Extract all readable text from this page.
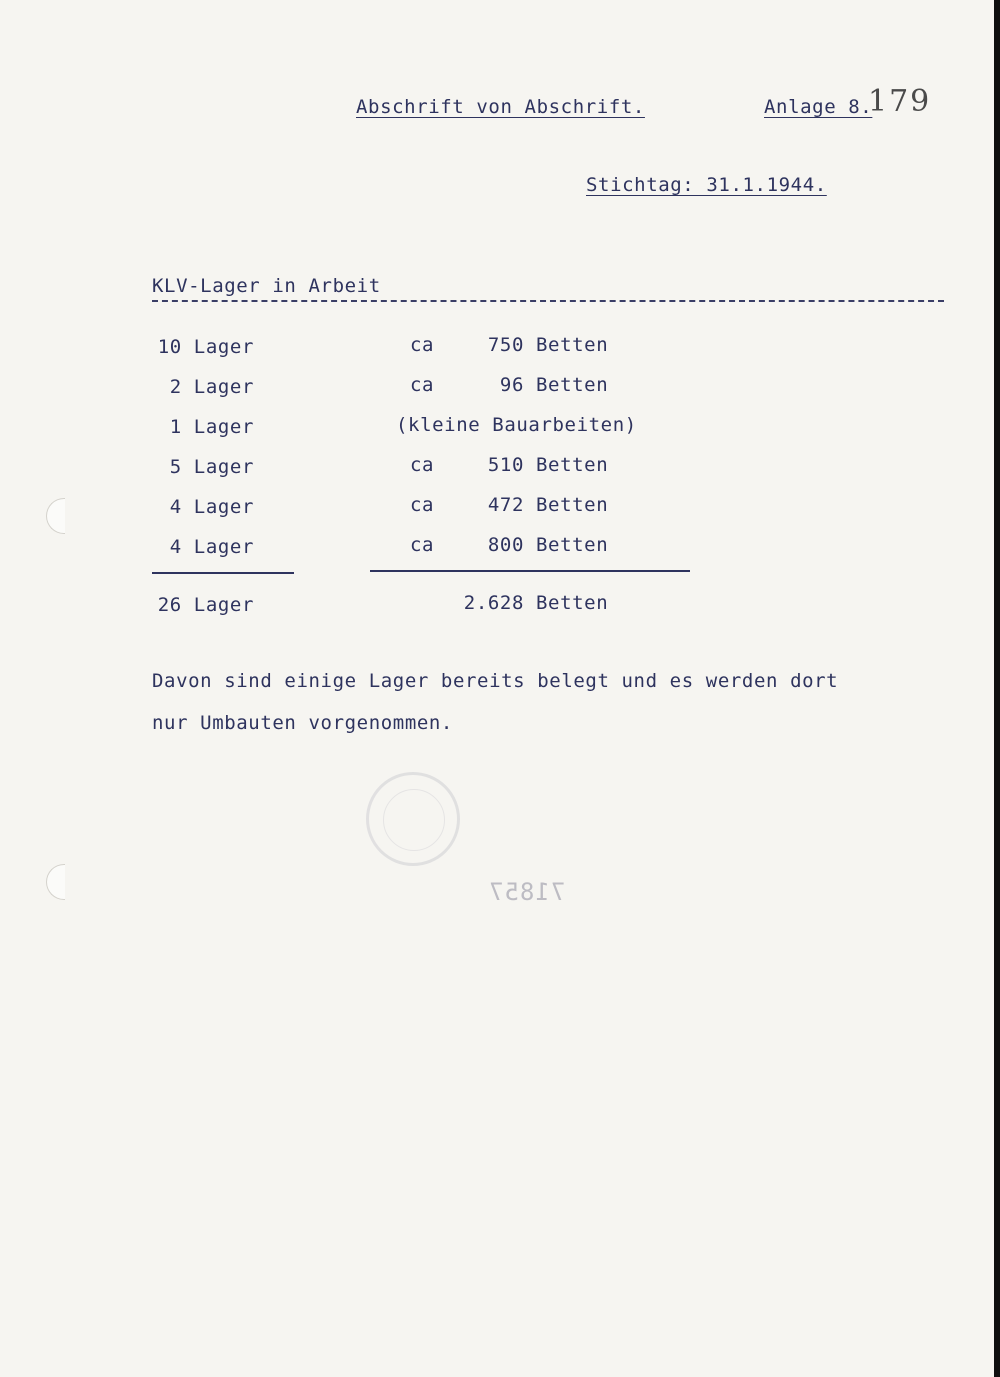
Abschrift von Abschrift.	Anlage 8.
179
Stichtag: 31.1.1944.
KLV-Lager in Arbeit
10 Lager	ca	750 Betten
2 Lager	ca	96 Betten
1 Lager	(kleine Bauarbeiten)
5 Lager	ca	510 Betten
4 Lager	ca	472 Betten
4 Lager	ca	800 Betten
26 Lager	2.628 Betten
Davon sind einige Lager bereits belegt und es werden dort
nur Umbauten vorgenommen.
71857
